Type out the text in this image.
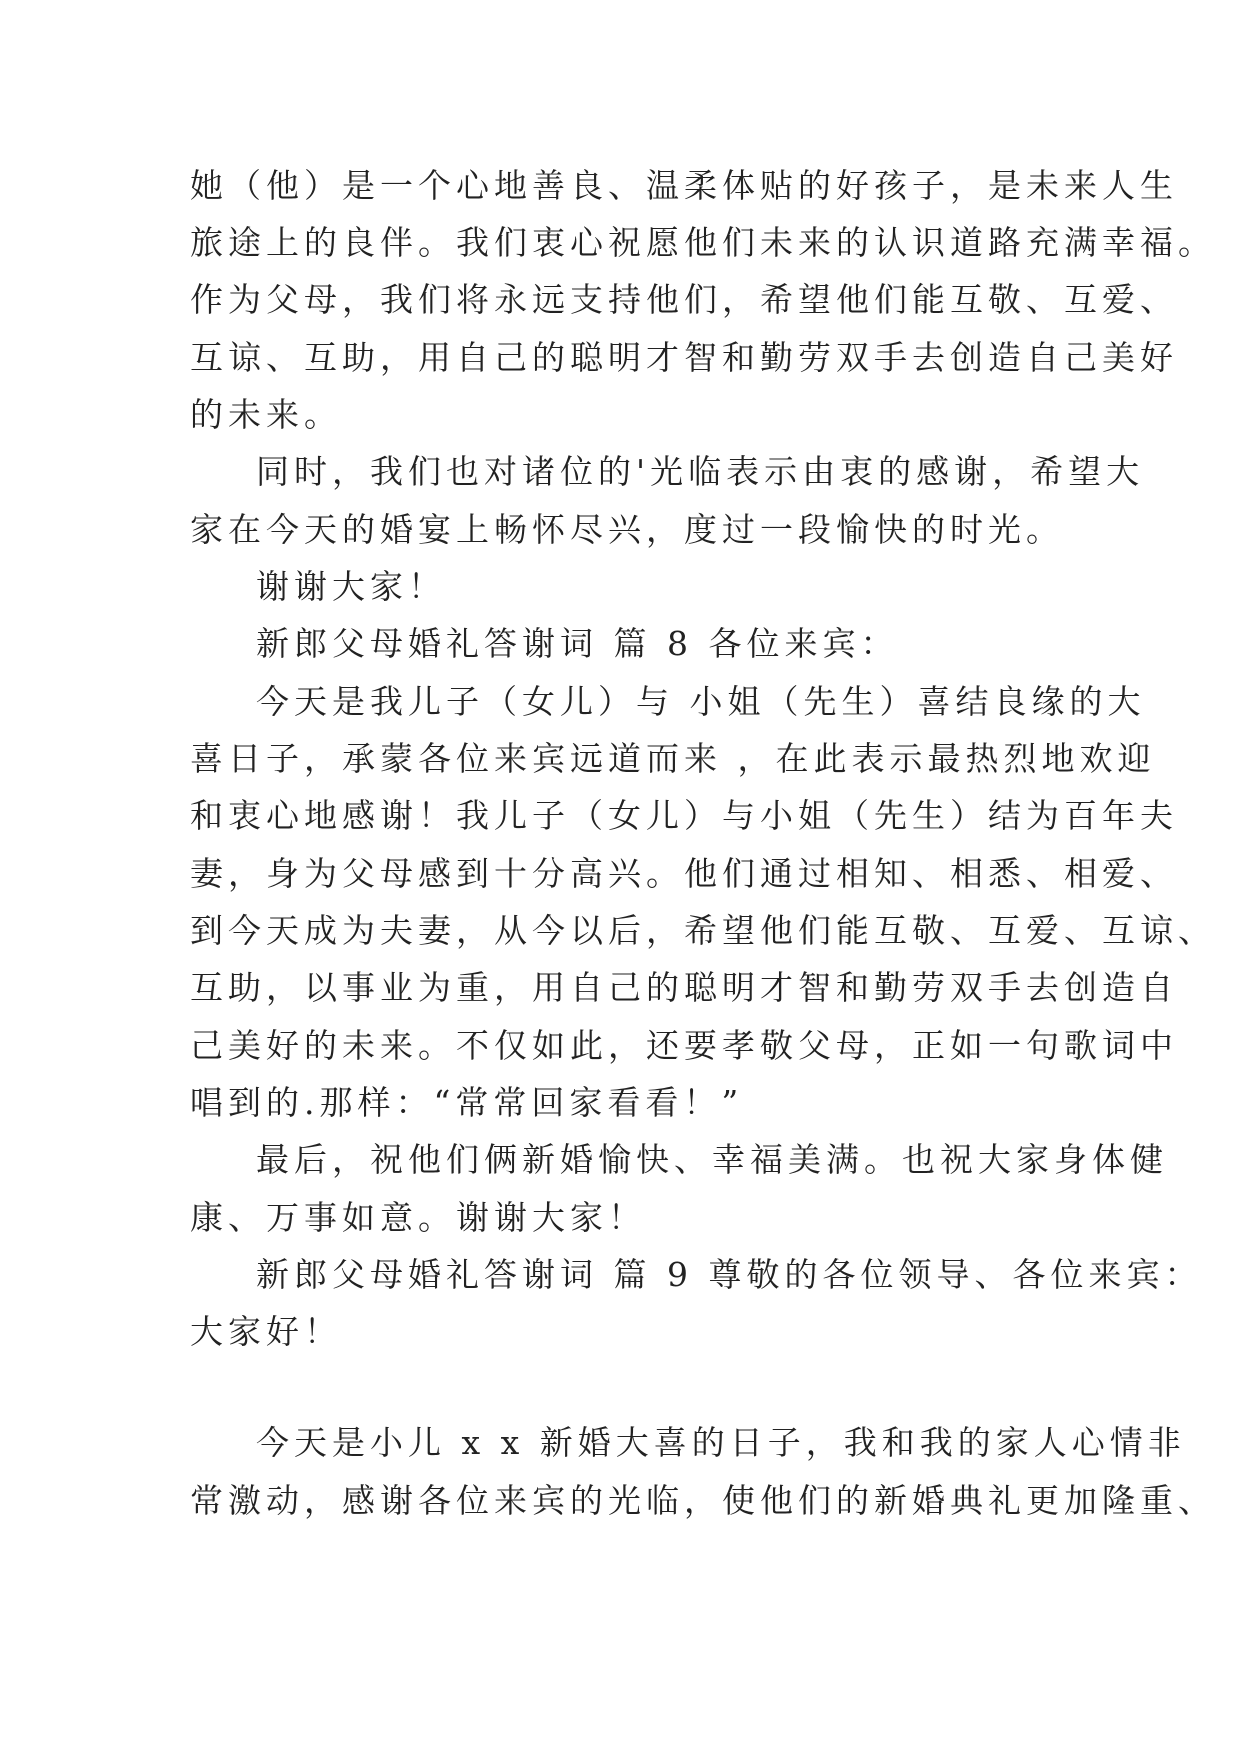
她（他）是一个心地善良、温柔体贴的好孩子，是未来人生
旅途上的良伴。我们衷心祝愿他们未来的认识道路充满幸福。
作为父母，我们将永远支持他们，希望他们能互敬、互爱、
互谅、互助，用自己的聪明才智和勤劳双手去创造自己美好
的未来。
同时，我们也对诸位的'光临表示由衷的感谢，希望大
家在今天的婚宴上畅怀尽兴，度过一段愉快的时光。
谢谢大家！
新郎父母婚礼答谢词 篇 8 各位来宾：
今天是我儿子（女儿）与 小姐（先生）喜结良缘的大
喜日子，承蒙各位来宾远道而来 ，在此表示最热烈地欢迎
和衷心地感谢！我儿子（女儿）与小姐（先生）结为百年夫
妻，身为父母感到十分高兴。他们通过相知、相悉、相爱、
到今天成为夫妻，从今以后，希望他们能互敬、互爱、互谅、
互助，以事业为重，用自己的聪明才智和勤劳双手去创造自
己美好的未来。不仅如此，还要孝敬父母，正如一句歌词中
唱到的.那样：“常常回家看看！”
最后，祝他们俩新婚愉快、幸福美满。也祝大家身体健
康、万事如意。谢谢大家！
新郎父母婚礼答谢词 篇 9 尊敬的各位领导、各位来宾：
大家好！
今天是小儿 x x 新婚大喜的日子，我和我的家人心情非
常激动，感谢各位来宾的光临，使他们的新婚典礼更加隆重、
